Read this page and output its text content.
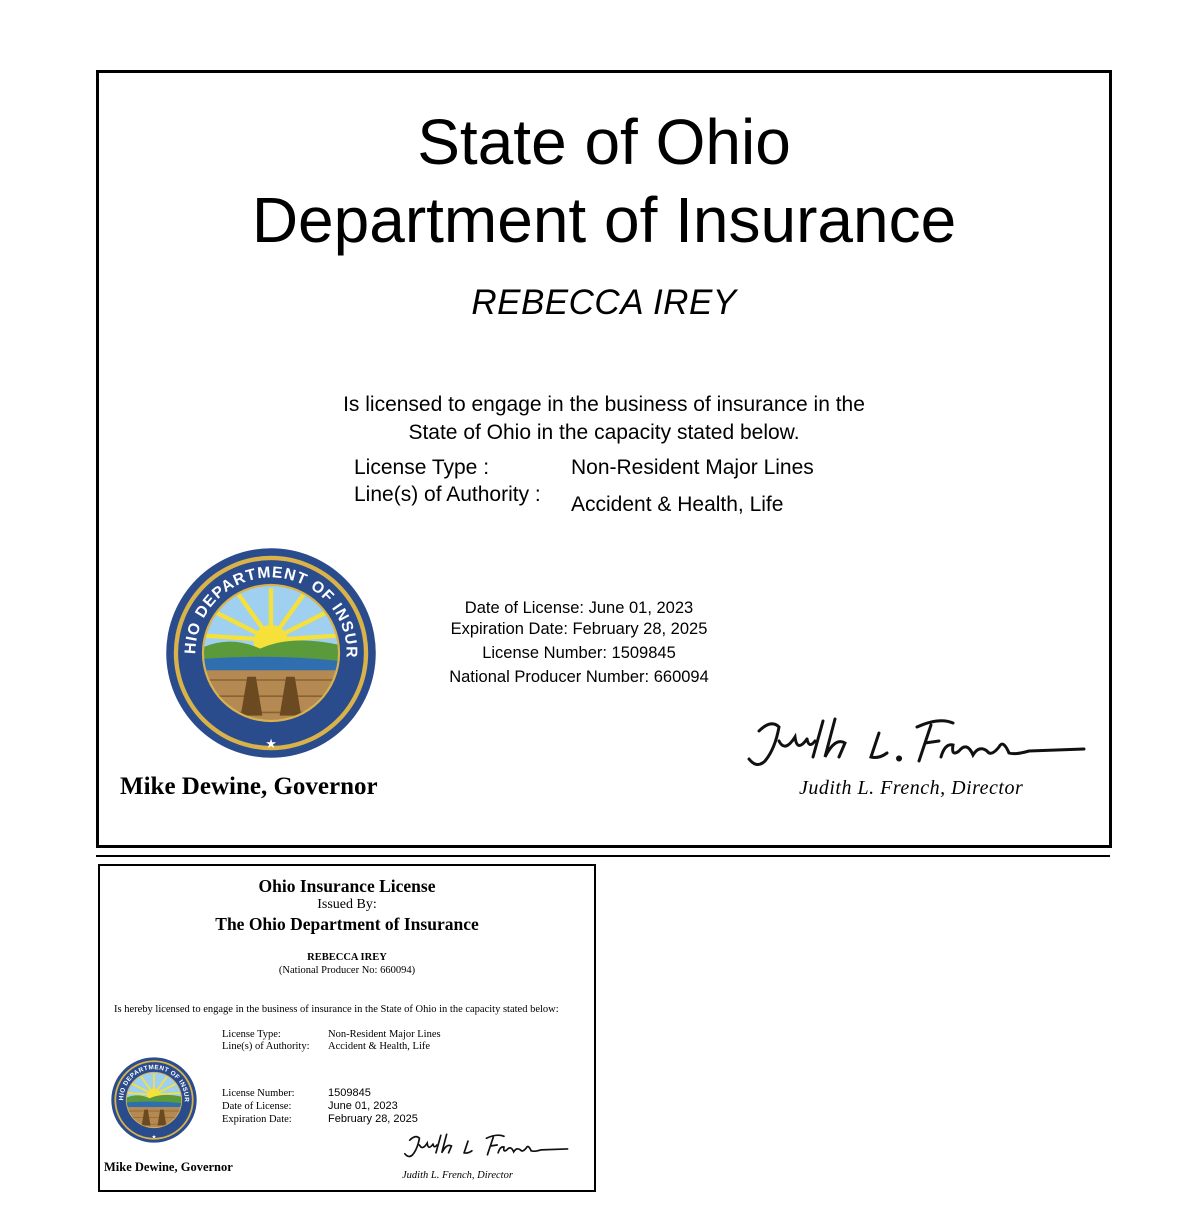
State of Ohio
Department of Insurance
REBECCA IREY
Is licensed to engage in the business of insurance in the
State of Ohio in the capacity stated below.
License Type :	Non-Resident Major Lines
Line(s) of Authority : Accident & Health, Life
Date of License: June 01, 2023
Expiration Date: February 28, 2025
License Number: 1509845
National Producer Number: 660094
Mike Dewine, Governor	Judith L. French, Director
Ohio Insurance License
Issued By:
The Ohio Department of Insurance
REBECCA IREY
(National Producer No: 660094)
Is hereby licensed to engage in the business of insurance in the State of Ohio in the capacity stated below:
License Type:	Non-Resident Major Lines
Line(s) of Authority: Accident & Health, Life
License Number:	1509845
Date of License:	June 01, 2023
Expiration Date:	February 28, 2025
Mike Dewine, Governor
Judith L. French, Director
